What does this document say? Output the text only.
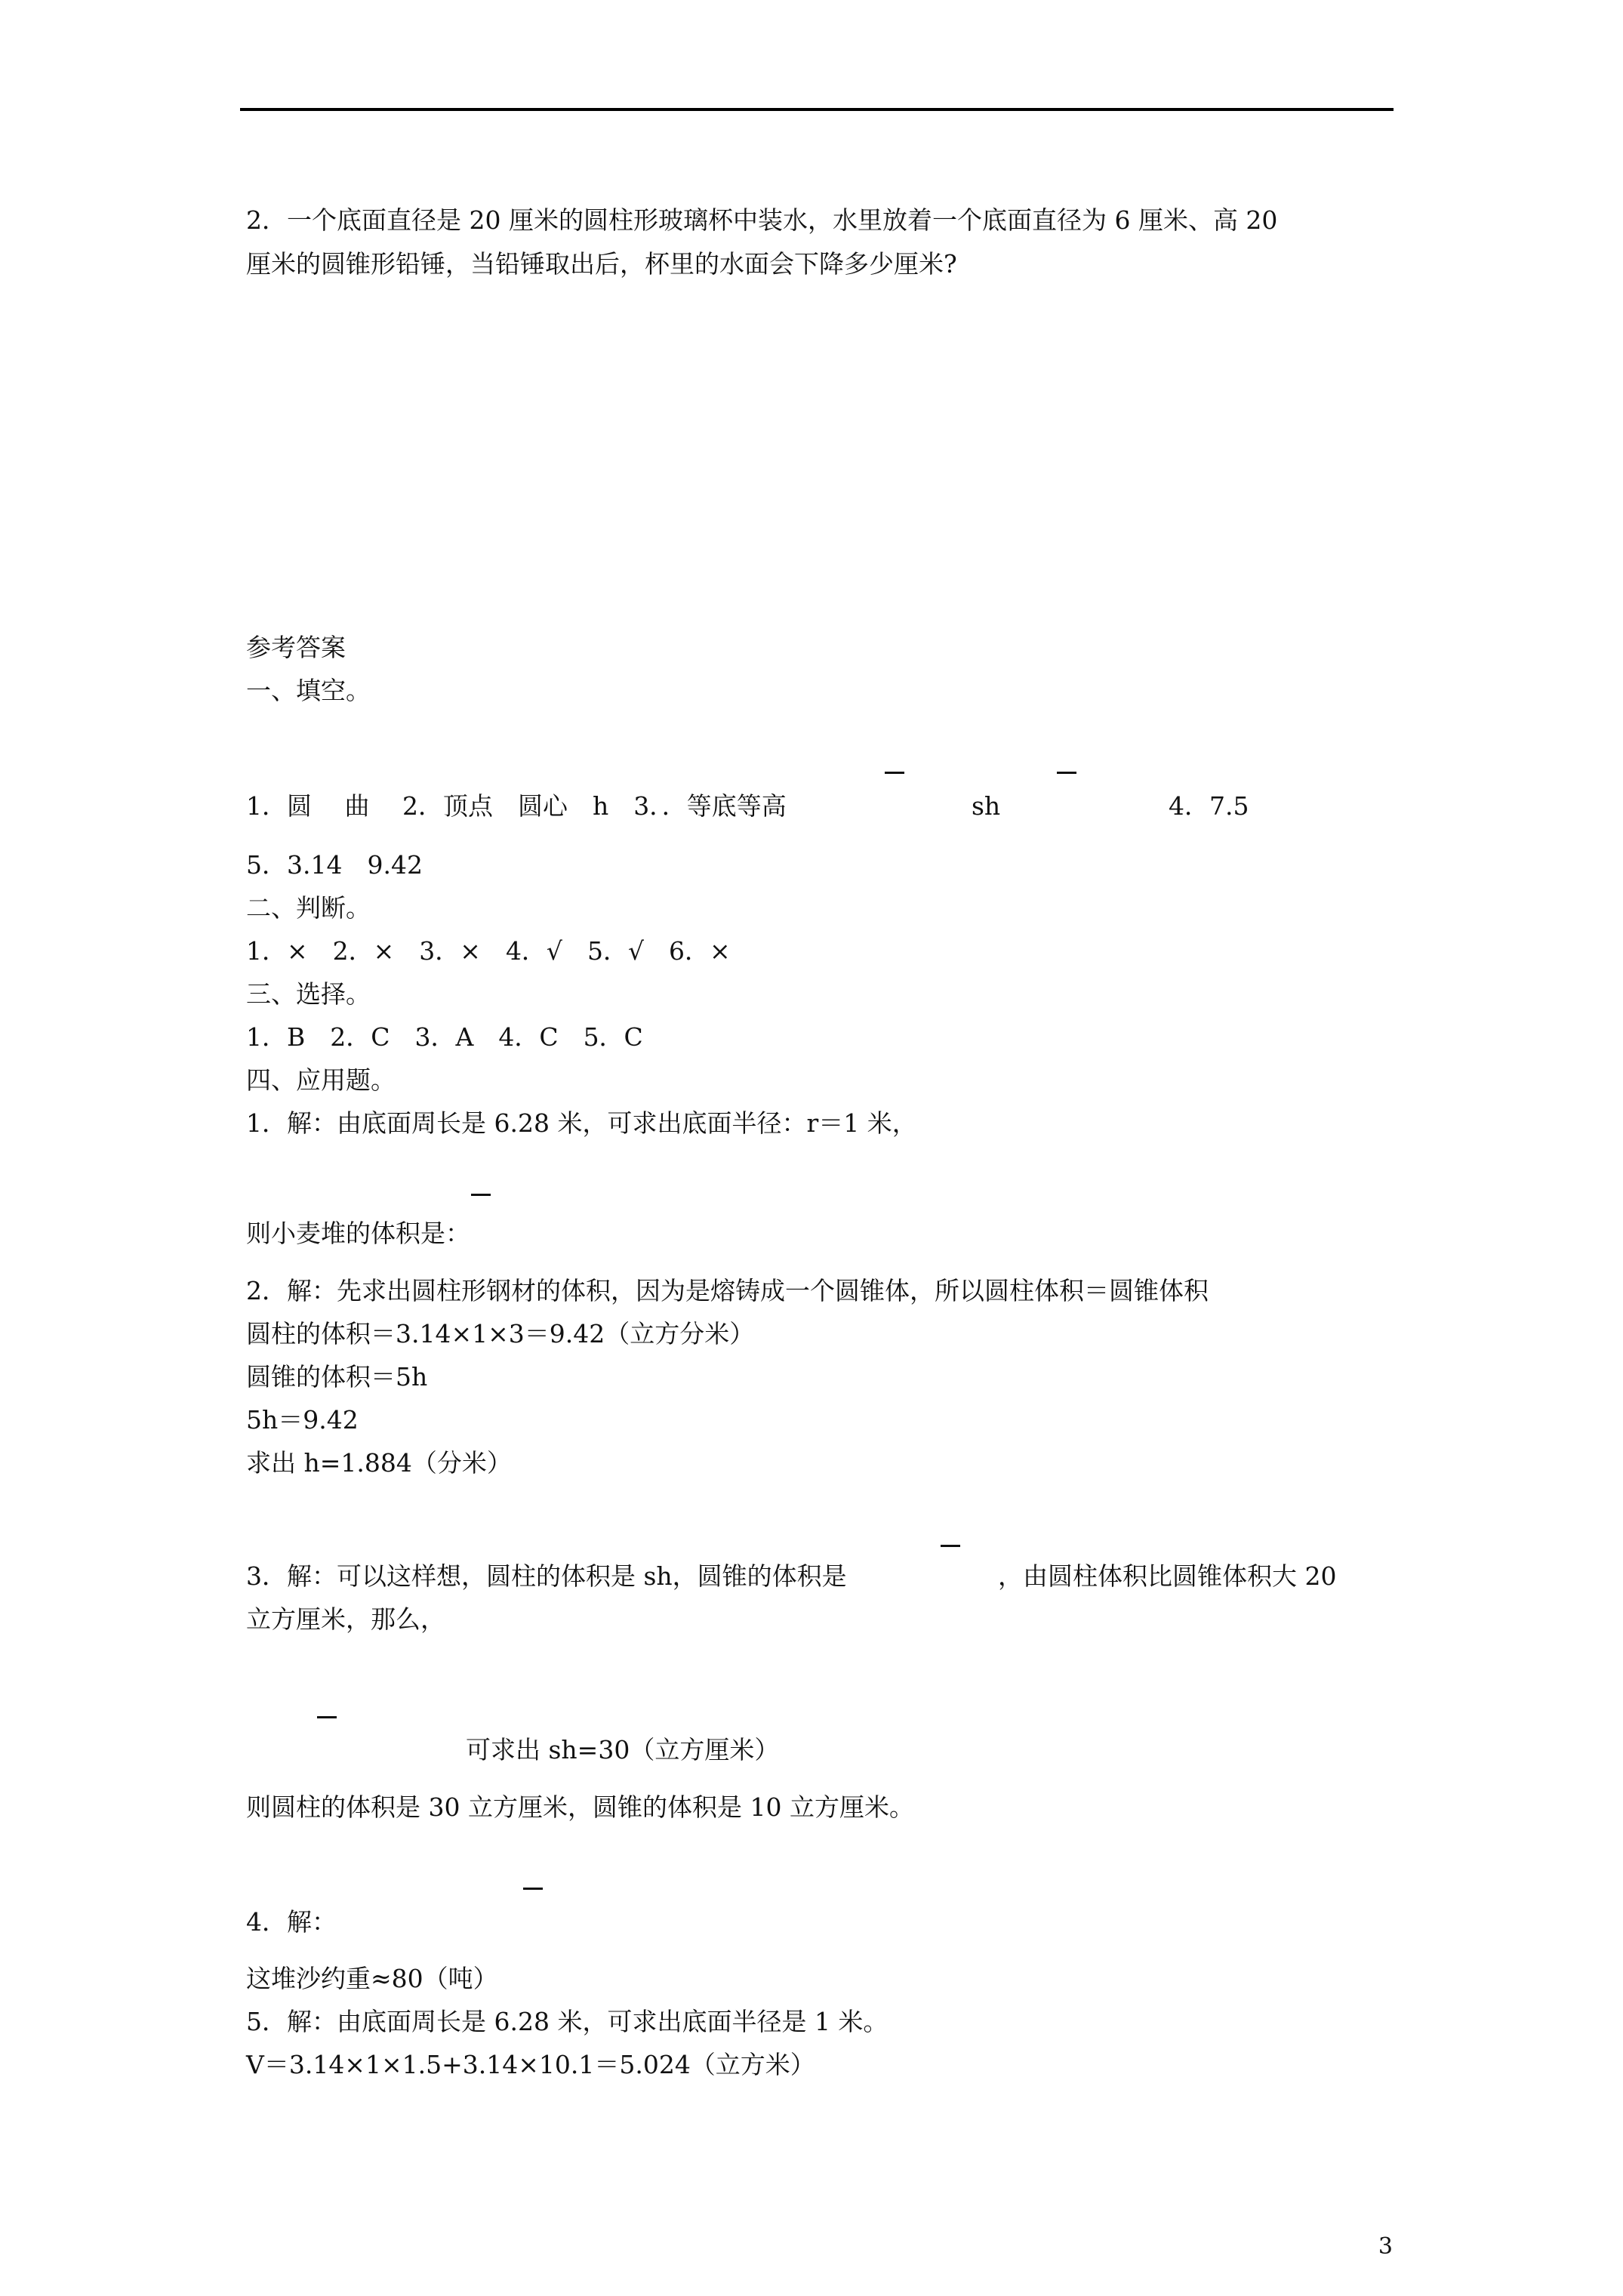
2．一个底面直径是 20 厘米的圆柱形玻璃杯中装水，水里放着一个底面直径为 6 厘米、高 20
厘米的圆锥形铅锤，当铅锤取出后，杯里的水面会下降多少厘米?
参考答案
一、填空。
1．圆　 曲　 2．顶点　圆心　h　3．．等底等高	sh	4．7.5
5．3.14　9.42
二、判断。
1．×　2．×　3．×　4．√　5．√　6．×
三、选择。
1．B　2．C　3．A　4．C　5．C
四、应用题。
1．解：由底面周长是 6.28 米，可求出底面半径：r＝1 米，
则小麦堆的体积是：
2．解：先求出圆柱形钢材的体积，因为是熔铸成一个圆锥体，所以圆柱体积＝圆锥体积
圆柱的体积＝3.14×1×3＝9.42（立方分米）
圆锥的体积＝5h
5h＝9.42
求出 h=1.884（分米）
3．解：可以这样想，圆柱的体积是 sh，圆锥的体积是	，由圆柱体积比圆锥体积大 20
立方厘米，那么，
可求出 sh=30（立方厘米）
则圆柱的体积是 30 立方厘米，圆锥的体积是 10 立方厘米。
4．解：
这堆沙约重≈80（吨）
5．解：由底面周长是 6.28 米，可求出底面半径是 1 米。
V＝3.14×1×1.5+3.14×10.1＝5.024（立方米）
3
